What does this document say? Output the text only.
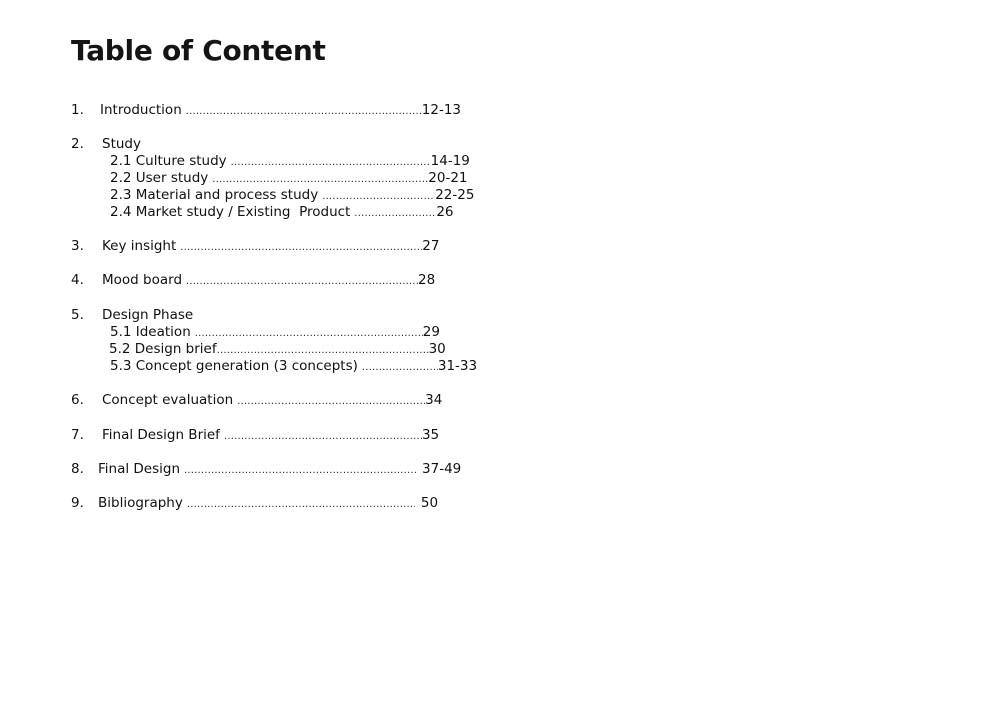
Table of Content
1.	Introduction .....	12-13
2.	Study
2.1 Culture study .....	14-19
2.2 User study .....	20-21
2.3 Material and process study .....	22-25
2.4 Market study / Existing  Product .....	26
3.	Key insight .....	27
4.	Mood board .....	28
5.	Design Phase
5.1 Ideation .....	29
5.2 Design brief .....	30
5.3 Concept generation (3 concepts) .....	31-33
6.	Concept evaluation .....	34
7.	Final Design Brief .....	35
8.	Final Design .....	37-49
9.	Bibliography .....	50
